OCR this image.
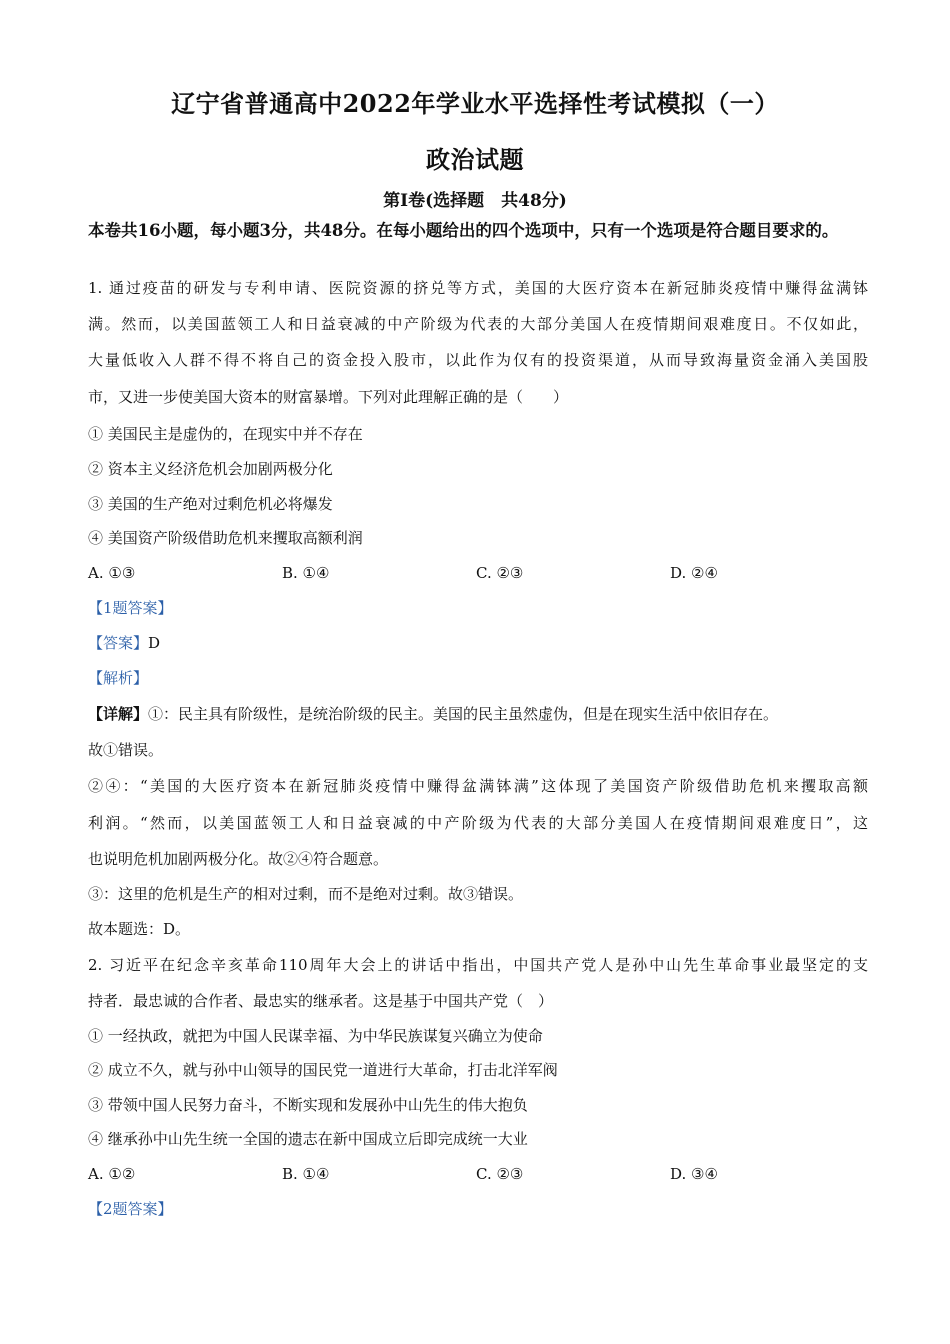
辽宁省普通高中2022年学业水平选择性考试模拟（一）
政治试题
第Ⅰ卷(选择题　共48分)
本卷共16小题，每小题3分，共48分。在每小题给出的四个选项中，只有一个选项是符合题目要求的。
1. 通过疫苗的研发与专利申请、医院资源的挤兑等方式，美国的大医疗资本在新冠肺炎疫情中赚得盆满钵
满。然而，以美国蓝领工人和日益衰减的中产阶级为代表的大部分美国人在疫情期间艰难度日。不仅如此，
大量低收入人群不得不将自己的资金投入股市，以此作为仅有的投资渠道，从而导致海量资金涌入美国股
市，又进一步使美国大资本的财富暴增。下列对此理解正确的是（　　）
① 美国民主是虚伪的，在现实中并不存在
② 资本主义经济危机会加剧两极分化
③ 美国的生产绝对过剩危机必将爆发
④ 美国资产阶级借助危机来攫取高额利润
A. ①③	B. ①④	C. ②③	D. ②④
【1题答案】
【答案】D
【解析】
【详解】①：民主具有阶级性，是统治阶级的民主。美国的民主虽然虚伪，但是在现实生活中依旧存在。
故①错误。
②④：“美国的大医疗资本在新冠肺炎疫情中赚得盆满钵满”这体现了美国资产阶级借助危机来攫取高额
利润。“然而，以美国蓝领工人和日益衰减的中产阶级为代表的大部分美国人在疫情期间艰难度日”，这
也说明危机加剧两极分化。故②④符合题意。
③：这里的危机是生产的相对过剩，而不是绝对过剩。故③错误。
故本题选：D。
2. 习近平在纪念辛亥革命110周年大会上的讲话中指出，中国共产党人是孙中山先生革命事业最坚定的支
持者．最忠诚的合作者、最忠实的继承者。这是基于中国共产党（　）
① 一经执政，就把为中国人民谋幸福、为中华民族谋复兴确立为使命
② 成立不久，就与孙中山领导的国民党一道进行大革命，打击北洋军阀
③ 带领中国人民努力奋斗，不断实现和发展孙中山先生的伟大抱负
④ 继承孙中山先生统一全国的遗志在新中国成立后即完成统一大业
A. ①②	B. ①④	C. ②③	D. ③④
【2题答案】
